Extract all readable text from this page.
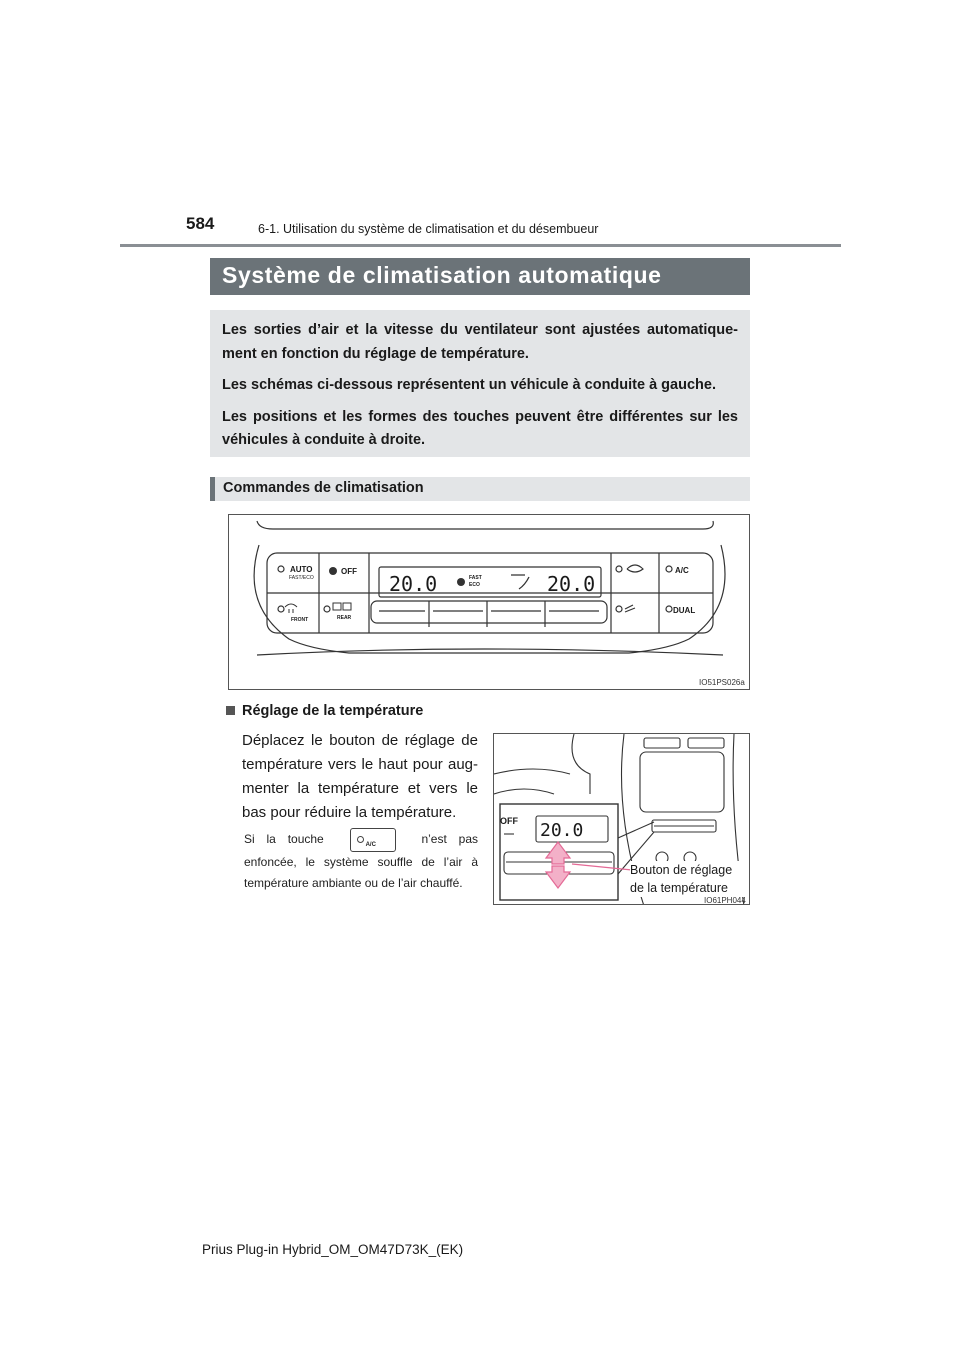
584	6-1. Utilisation du système de climatisation et du désembueur
Système de climatisation automatique

Les sorties d’air et la vitesse du ventilateur sont ajustées automatique-ment en fonction du réglage de température.

Les schémas ci-dessous représentent un véhicule à conduite à gauche.

Les positions et les formes des touches peuvent être différentes sur les véhicules à conduite à droite.

Commandes de climatisation
AUTO
FAST/ECO
OFF
FRONT	REAR
A/C
DUAL
20.0	20.0
FAST
ECO
IO51PS026a
Réglage de la température
Déplacez le bouton de réglage de température vers le haut pour aug-menter la température et vers le bas pour réduire la température.
Si la touche	A/C	n’est pas enfoncée, le système souffle de l’air à température ambiante ou de l’air chauffé.
20.0
OFF
Bouton de réglage de la température
IO61PH044
Prius Plug-in Hybrid_OM_OM47D73K_(EK)
